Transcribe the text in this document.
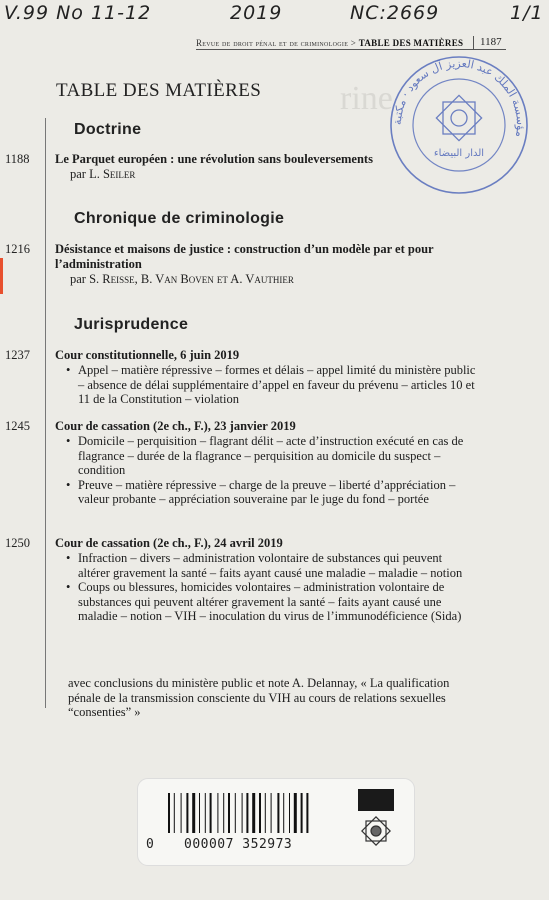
V.99 No 11-12	2019	NC:2669	1/1
rine
Revue de droit pénal et de criminologie > TABLE DES MATIÈRES 1187
مؤسسة الملك عبد العزيز آل سعود · مكتبة
الدار البيضاء
TABLE DES MATIÈRES
Doctrine
1188 Le Parquet européen : une révolution sans bouleversements
par L. Seiler
Chronique de criminologie
1216 Désistance et maisons de justice : construction d’un modèle par et pour l’administration
par S. Reisse, B. Van Boven et A. Vauthier
Jurisprudence
1237 Cour constitutionnelle, 6 juin 2019
• Appel – matière répressive – formes et délais – appel limité du ministère public – absence de délai supplémentaire d’appel en faveur du prévenu – articles 10 et 11 de la Constitution – violation
1245 Cour de cassation (2e ch., F.), 23 janvier 2019
• Domicile – perquisition – flagrant délit – acte d’instruction exécuté en cas de flagrance – durée de la flagrance – perquisition au domicile du suspect – condition
• Preuve – matière répressive – charge de la preuve – liberté d’appréciation – valeur probante – appréciation souveraine par le juge du fond – portée
1250 Cour de cassation (2e ch., F.), 24 avril 2019
• Infraction – divers – administration volontaire de substances qui peuvent altérer gravement la santé – faits ayant causé une maladie – maladie – notion
• Coups ou blessures, homicides volontaires – administration volontaire de substances qui peuvent altérer gravement la santé – faits ayant causé une maladie – notion – VIH – inoculation du virus de l’immunodéficience (Sida)
avec conclusions du ministère public et note A. Delannay, « La qualification pénale de la transmission consciente du VIH au cours de relations sexuelles “consenties” »
0 000007 352973
